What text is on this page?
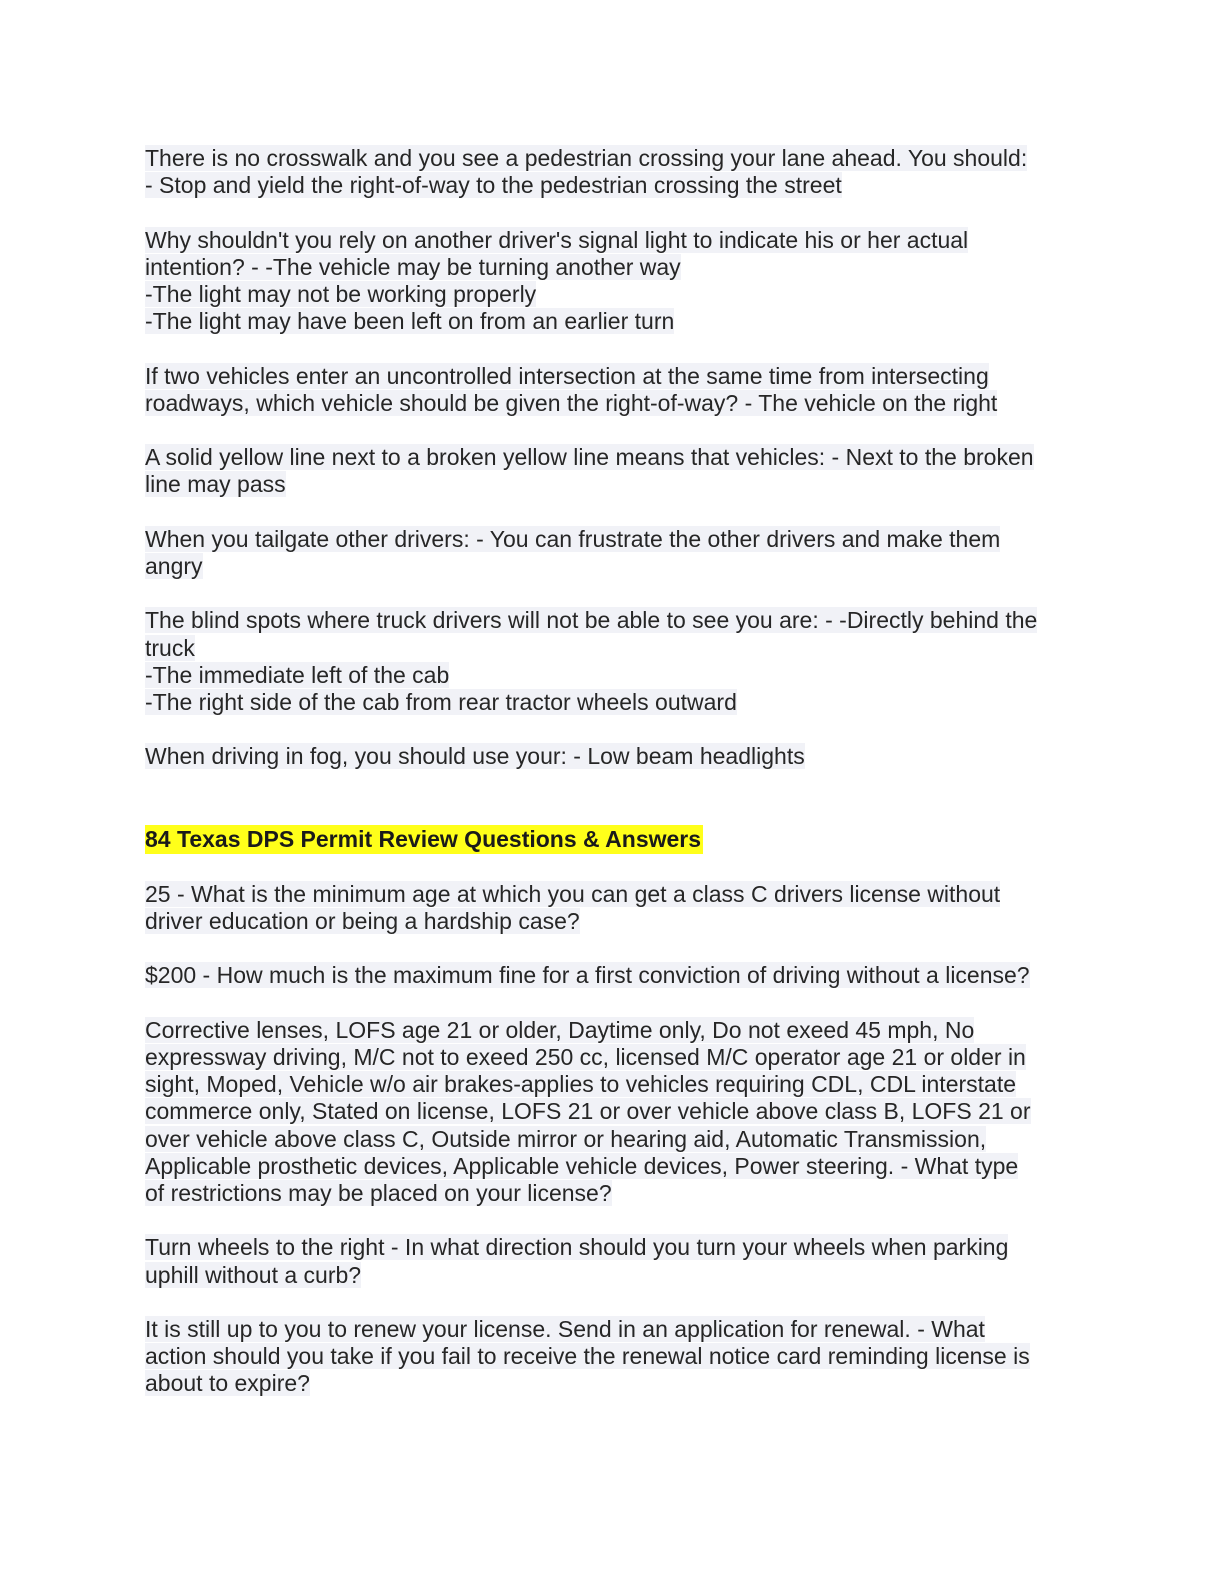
There is no crosswalk and you see a pedestrian crossing your lane ahead. You should:
- Stop and yield the right-of-way to the pedestrian crossing the street
Why shouldn't you rely on another driver's signal light to indicate his or her actual
intention? - -The vehicle may be turning another way
-The light may not be working properly
-The light may have been left on from an earlier turn
If two vehicles enter an uncontrolled intersection at the same time from intersecting
roadways, which vehicle should be given the right-of-way? - The vehicle on the right
A solid yellow line next to a broken yellow line means that vehicles: - Next to the broken
line may pass
When you tailgate other drivers: - You can frustrate the other drivers and make them
angry
The blind spots where truck drivers will not be able to see you are: - -Directly behind the
truck
-The immediate left of the cab
-The right side of the cab from rear tractor wheels outward
When driving in fog, you should use your: - Low beam headlights
84 Texas DPS Permit Review Questions & Answers
25 - What is the minimum age at which you can get a class C drivers license without
driver education or being a hardship case?
$200 - How much is the maximum fine for a first conviction of driving without a license?
Corrective lenses, LOFS age 21 or older, Daytime only, Do not exeed 45 mph, No
expressway driving, M/C not to exeed 250 cc, licensed M/C operator age 21 or older in
sight, Moped, Vehicle w/o air brakes-applies to vehicles requiring CDL, CDL interstate
commerce only, Stated on license, LOFS 21 or over vehicle above class B, LOFS 21 or
over vehicle above class C, Outside mirror or hearing aid, Automatic Transmission,
Applicable prosthetic devices, Applicable vehicle devices, Power steering. - What type
of restrictions may be placed on your license?
Turn wheels to the right - In what direction should you turn your wheels when parking
uphill without a curb?
It is still up to you to renew your license. Send in an application for renewal. - What
action should you take if you fail to receive the renewal notice card reminding license is
about to expire?
